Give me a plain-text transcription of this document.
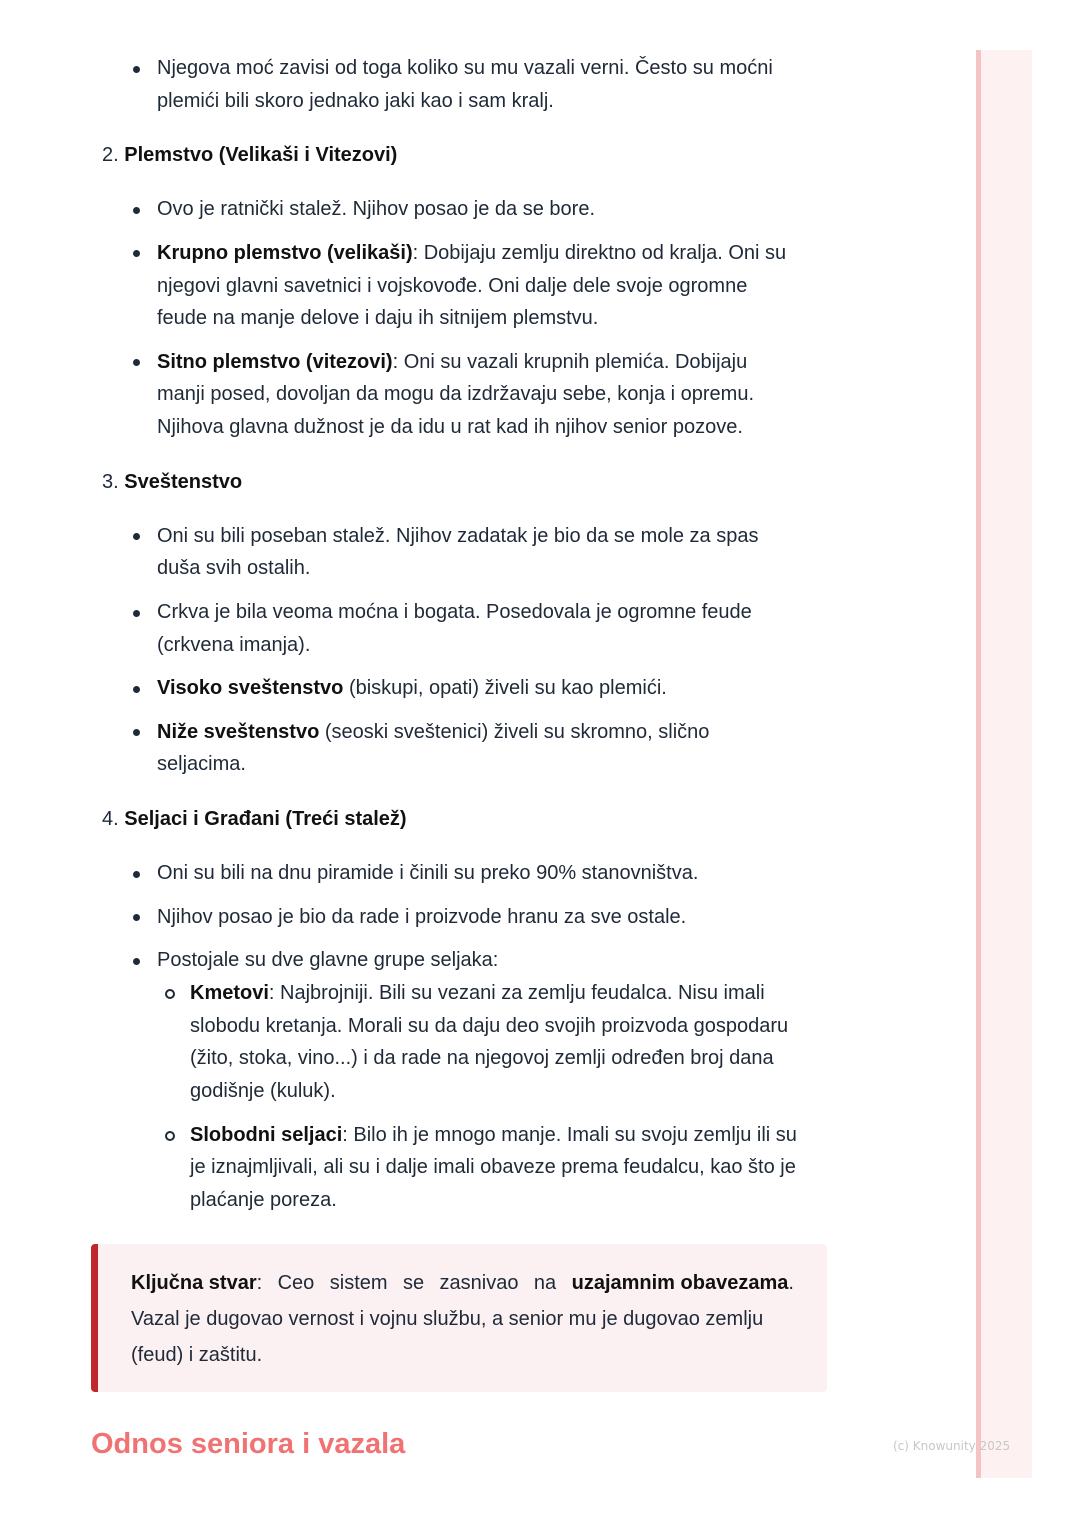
Njegova moć zavisi od toga koliko su mu vazali verni. Često su moćni
plemići bili skoro jednako jaki kao i sam kralj.
2. Plemstvo (Velikaši i Vitezovi)
Ovo je ratnički stalež. Njihov posao je da se bore.
Krupno plemstvo (velikaši): Dobijaju zemlju direktno od kralja. Oni su
njegovi glavni savetnici i vojskovođe. Oni dalje dele svoje ogromne
feude na manje delove i daju ih sitnijem plemstvu.
Sitno plemstvo (vitezovi): Oni su vazali krupnih plemića. Dobijaju
manji posed, dovoljan da mogu da izdržavaju sebe, konja i opremu.
Njihova glavna dužnost je da idu u rat kad ih njihov senior pozove.
3. Sveštenstvo
Oni su bili poseban stalež. Njihov zadatak je bio da se mole za spas
duša svih ostalih.
Crkva je bila veoma moćna i bogata. Posedovala je ogromne feude
(crkvena imanja).
Visoko sveštenstvo (biskupi, opati) živeli su kao plemići.
Niže sveštenstvo (seoski sveštenici) živeli su skromno, slično
seljacima.
4. Seljaci i Građani (Treći stalež)
Oni su bili na dnu piramide i činili su preko 90% stanovništva.
Njihov posao je bio da rade i proizvode hranu za sve ostale.
Postojale su dve glavne grupe seljaka:
Kmetovi: Najbrojniji. Bili su vezani za zemlju feudalca. Nisu imali
slobodu kretanja. Morali su da daju deo svojih proizvoda gospodaru
(žito, stoka, vino...) i da rade na njegovoj zemlji određen broj dana
godišnje (kuluk).
Slobodni seljaci: Bilo ih je mnogo manje. Imali su svoju zemlju ili su
je iznajmljivali, ali su i dalje imali obaveze prema feudalcu, kao što je
plaćanje poreza.
Ključna stvar: Ceo sistem se zasnivao na uzajamnim obavezama.
Vazal je dugovao vernost i vojnu službu, a senior mu je dugovao zemlju
(feud) i zaštitu.
Odnos seniora i vazala	(c) Knowunity 2025
